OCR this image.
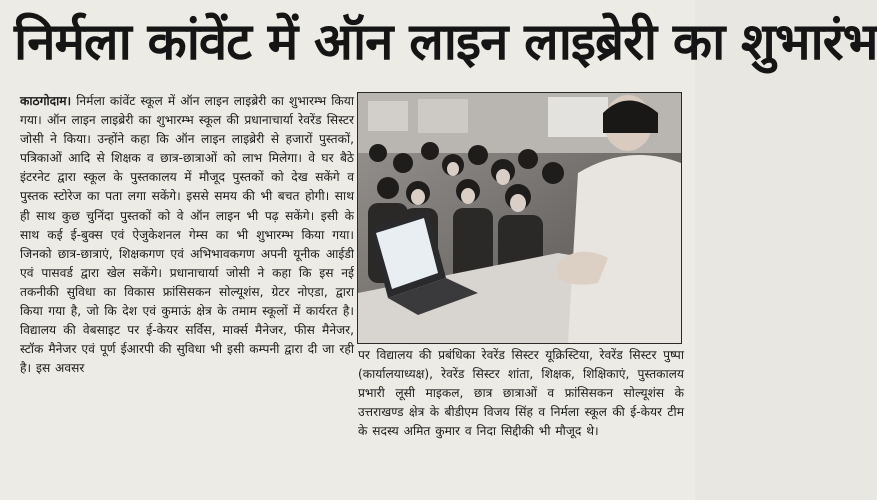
निर्मला कांवेंट में ऑन लाइन लाइब्रेरी का शुभारंभ

काठगोदाम। निर्मला कांवेंट स्कूल में ऑन लाइन लाइब्रेरी का शुभारम्भ किया गया। ऑन लाइन लाइब्रेरी का शुभारम्भ स्कूल की प्रधानाचार्या रेवरेंड सिस्टर जोसी ने किया। उन्होंने कहा कि ऑन लाइन लाइब्रेरी से हजारों पुस्तकों, पत्रिकाओं आदि से शिक्षक व छात्र-छात्राओं को लाभ मिलेगा। वे घर बैठे इंटरनेट द्वारा स्कूल के पुस्तकालय में मौजूद पुस्तकों को देख सकेंगे व पुस्तक स्टोरेज का पता लगा सकेंगे। इससे समय की भी बचत होगी। साथ ही साथ कुछ चुनिंदा पुस्तकों को वे ऑन लाइन भी पढ़ सकेंगे। इसी के साथ कई ई-बुक्स एवं ऐजुकेशनल गेम्स का भी शुभारम्भ किया गया। जिनको छात्र-छात्राएं, शिक्षकगण एवं अभिभावकगण अपनी यूनीक आईडी एवं पासवर्ड द्वारा खेल सकेंगे। प्रधानाचार्या जोसी ने कहा कि इस नई तकनीकी सुविधा का विकास फ्रांसिसकन सोल्यूशंस, ग्रेटर नोएडा, द्वारा किया गया है, जो कि देश एवं कुमाऊं क्षेत्र के तमाम स्कूलों में कार्यरत है। विद्यालय की वेबसाइट पर ई-केयर सर्विस, मार्क्स मैनेजर, फीस मैनेजर, स्टॉक मैनेजर एवं पूर्ण ईआरपी की सुविधा भी इसी कम्पनी द्वारा दी जा रही है। इस अवसर

पर विद्यालय की प्रबंधिका रेवरेंड सिस्टर यूक्रिस्टिया, रेवरेंड सिस्टर पुष्पा (कार्यालयाध्यक्ष), रेवरेंड सिस्टर शांता, शिक्षक, शिक्षिकाएं, पुस्तकालय प्रभारी लूसी माइकल, छात्र छात्राओं व फ्रांसिसकन सोल्यूशंस के उत्तराखण्ड क्षेत्र के बीडीएम विजय सिंह व निर्मला स्कूल की ई-केयर टीम के सदस्य अमित कुमार व निदा सिद्दीकी भी मौजूद थे।
